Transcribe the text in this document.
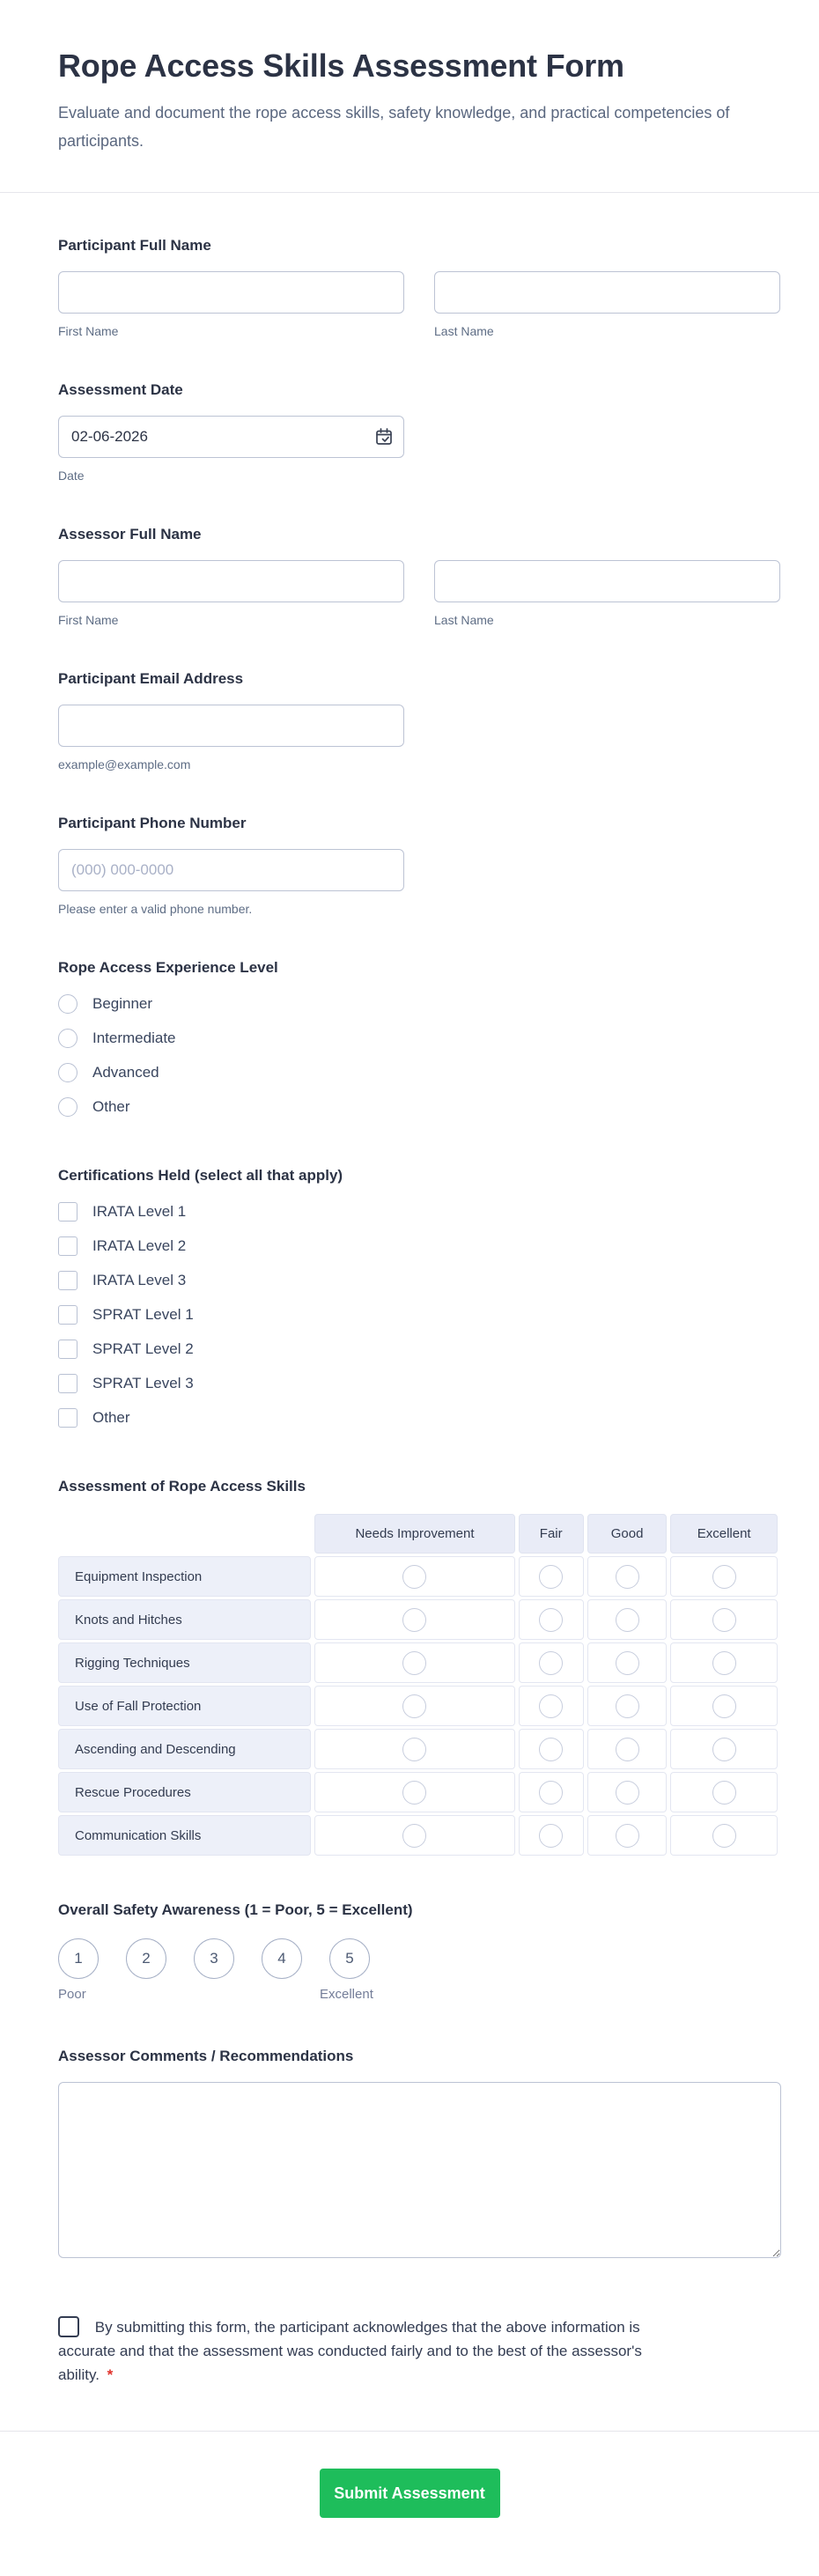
Rope Access Skills Assessment Form

Evaluate and document the rope access skills, safety knowledge, and practical competencies of participants.

Participant Full Name
First Name	Last Name
Assessment Date
02-06-2026
Date
Assessor Full Name
First Name	Last Name
Participant Email Address
example@example.com
Participant Phone Number
(000) 000-0000
Please enter a valid phone number.
Rope Access Experience Level
Beginner
Intermediate
Advanced
Other
Certifications Held (select all that apply)
IRATA Level 1
IRATA Level 2
IRATA Level 3
SPRAT Level 1
SPRAT Level 2
SPRAT Level 3
Other
Assessment of Rope Access Skills
	Needs Improvement	Fair	Good	Excellent
Equipment Inspection				
Knots and Hitches				
Rigging Techniques				
Use of Fall Protection				
Ascending and Descending				
Rescue Procedures				
Communication Skills				
Overall Safety Awareness (1 = Poor, 5 = Excellent)
1	2	3	4	5
Poor	Excellent
Assessor Comments / Recommendations
By submitting this form, the participant acknowledges that the above information is accurate and that the assessment was conducted fairly and to the best of the assessor's ability. *
Submit Assessment
